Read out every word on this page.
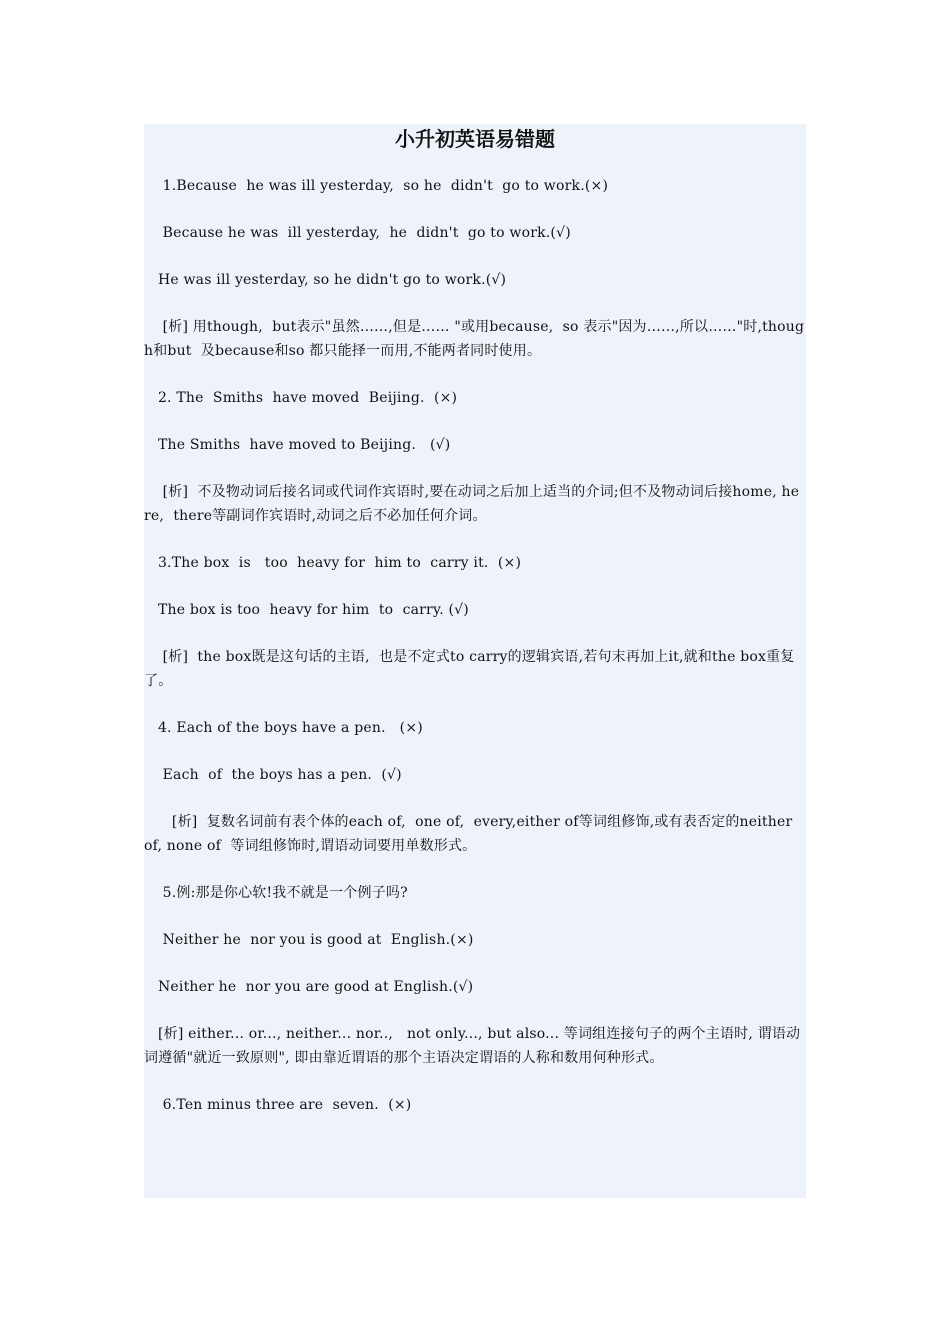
小升初英语易错题

1.Because  he was ill yesterday,  so he  didn't  go to work.(×)

Because he was  ill yesterday,  he  didn't  go to work.(√)

He was ill yesterday, so he didn't go to work.(√)

[析] 用though,  but表示"虽然……,但是…… "或用because,  so 表示"因为……,所以……"时,though和but  及because和so 都只能择一而用,不能两者同时使用。

2. The  Smiths  have moved  Beijing.  (×)

The Smiths  have moved to Beijing.   (√)

[析]  不及物动词后接名词或代词作宾语时,要在动词之后加上适当的介词;但不及物动词后接home, here,  there等副词作宾语时,动词之后不必加任何介词。

3.The box  is   too  heavy for  him to  carry it.  (×)

The box is too  heavy for him  to  carry. (√)

[析]  the box既是这句话的主语,  也是不定式to carry的逻辑宾语,若句末再加上it,就和the box重复了。

4. Each of the boys have a pen.   (×)

Each  of  the boys has a pen.  (√)

[析]  复数名词前有表个体的each of,  one of,  every,either of等词组修饰,或有表否定的neither  of, none of  等词组修饰时,谓语动词要用单数形式。

5.例:那是你心软!我不就是一个例子吗?

Neither he  nor you is good at  English.(×)

Neither he  nor you are good at English.(√)

[析] either... or..., neither... nor..,   not only..., but also... 等词组连接句子的两个主语时, 谓语动词遵循"就近一致原则", 即由靠近谓语的那个主语决定谓语的人称和数用何种形式。

6.Ten minus three are  seven.  (×)
